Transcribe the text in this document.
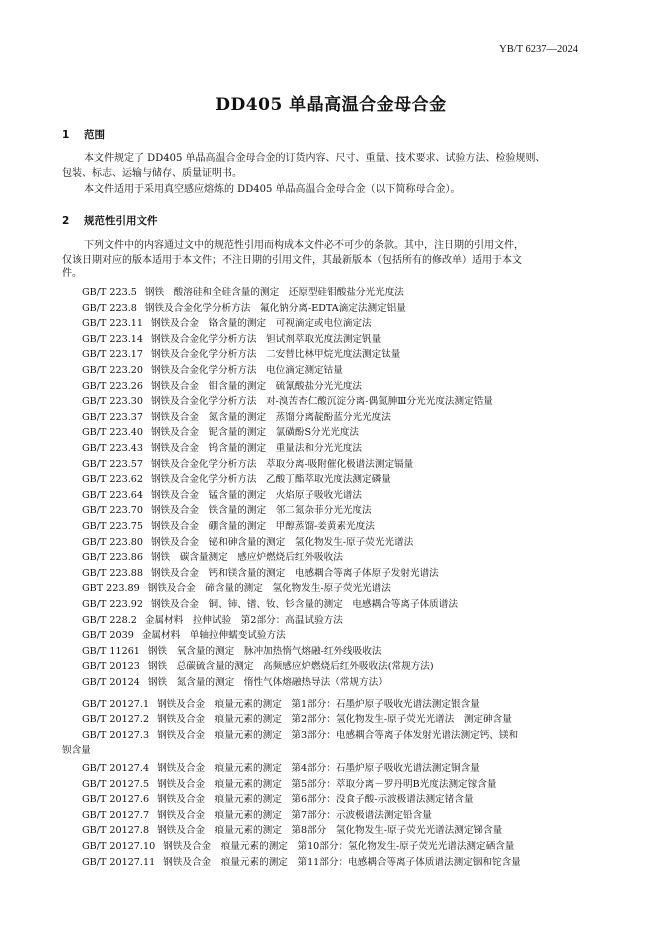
YB/T 6237—2024
DD405 单晶高温合金母合金
1 范围
本文件规定了 DD405 单晶高温合金母合金的订货内容、尺寸、重量、技术要求、试验方法、检验规则、
包装、标志、运输与储存、质量证明书。
本文件适用于采用真空感应熔炼的 DD405 单晶高温合金母合金（以下简称母合金）。
2 规范性引用文件
下列文件中的内容通过文中的规范性引用而构成本文件必不可少的条款。其中，注日期的引用文件，
仅该日期对应的版本适用于本文件；不注日期的引用文件，其最新版本（包括所有的修改单）适用于本文
件。
GB/T 223.5 钢铁　酸溶硅和全硅含量的测定　还原型硅钼酸盐分光光度法
GB/T 223.8 钢铁及合金化学分析方法　氟化钠分离-EDTA滴定法测定铝量
GB/T 223.11 钢铁及合金　铬含量的测定　可视滴定或电位滴定法
GB/T 223.14 钢铁及合金化学分析方法　钽试剂萃取光度法测定钒量
GB/T 223.17 钢铁及合金化学分析方法　二安替比林甲烷光度法测定钛量
GB/T 223.20 钢铁及合金化学分析方法　电位滴定测定钴量
GB/T 223.26 钢铁及合金　钼含量的测定　硫氰酸盐分光光度法
GB/T 223.30 钢铁及合金化学分析方法　对-溴苦杏仁酸沉淀分离-偶氮胂Ⅲ分光光度法测定锆量
GB/T 223.37 钢铁及合金　氮含量的测定　蒸馏分离靛酚蓝分光光度法
GB/T 223.40 钢铁及合金　铌含量的测定　氯磺酚S分光光度法
GB/T 223.43 钢铁及合金　钨含量的测定　重量法和分光光度法
GB/T 223.57 钢铁及合金化学分析方法　萃取分离-吸附催化极谱法测定镉量
GB/T 223.62 钢铁及合金化学分析方法　乙酸丁酯萃取光度法测定磷量
GB/T 223.64 钢铁及合金　锰含量的测定　火焰原子吸收光谱法
GB/T 223.70 钢铁及合金　铁含量的测定　邻二氮杂菲分光光度法
GB/T 223.75 钢铁及合金　硼含量的测定　甲醇蒸馏-姜黄素光度法
GB/T 223.80 钢铁及合金　铋和砷含量的测定　氢化物发生-原子荧光光谱法
GB/T 223.86 钢铁　碳含量测定　感应炉燃烧后红外吸收法
GB/T 223.88 钢铁及合金　钙和镁含量的测定　电感耦合等离子体原子发射光谱法
GBT 223.89 钢铁及合金　碲含量的测定　氢化物发生-原子荧光光谱法
GB/T 223.92 钢铁及合金　铜、铈、镨、钕、钐含量的测定　电感耦合等离子体质谱法
GB/T 228.2 金属材料　拉伸试验　第2部分：高温试验方法
GB/T 2039 金属材料　单轴拉伸蠕变试验方法
GB/T 11261 钢铁　氧含量的测定　脉冲加热惰气熔融-红外线吸收法
GB/T 20123 钢铁　总碳硫含量的测定　高频感应炉燃烧后红外吸收法(常规方法)
GB/T 20124 钢铁　氮含量的测定　惰性气体熔融热导法（常规方法）
GB/T 20127.1 钢铁及合金　痕量元素的测定　第1部分：石墨炉原子吸收光谱法测定银含量
GB/T 20127.2 钢铁及合金　痕量元素的测定　第2部分：氢化物发生-原子荧光光谱法　测定砷含量
GB/T 20127.3 钢铁及合金　痕量元素的测定　第3部分：电感耦合等离子体发射光谱法测定钙、镁和
钡含量
GB/T 20127.4 钢铁及合金　痕量元素的测定　第4部分：石墨炉原子吸收光谱法测定铜含量
GB/T 20127.5 钢铁及合金　痕量元素的测定　第5部分：萃取分离－罗丹明B光度法测定镓含量
GB/T 20127.6 钢铁及合金　痕量元素的测定　第6部分：没食子酸-示波极谱法测定锗含量
GB/T 20127.7 钢铁及合金　痕量元素的测定　第7部分：示波极谱法测定铅含量
GB/T 20127.8 钢铁及合金　痕量元素的测定　第8部分　氢化物发生-原子荧光光谱法测定锑含量
GB/T 20127.10 钢铁及合金　痕量元素的测定　第10部分：氢化物发生-原子荧光光谱法测定硒含量
GB/T 20127.11 钢铁及合金　痕量元素的测定　第11部分：电感耦合等离子体质谱法测定铟和铊含量
